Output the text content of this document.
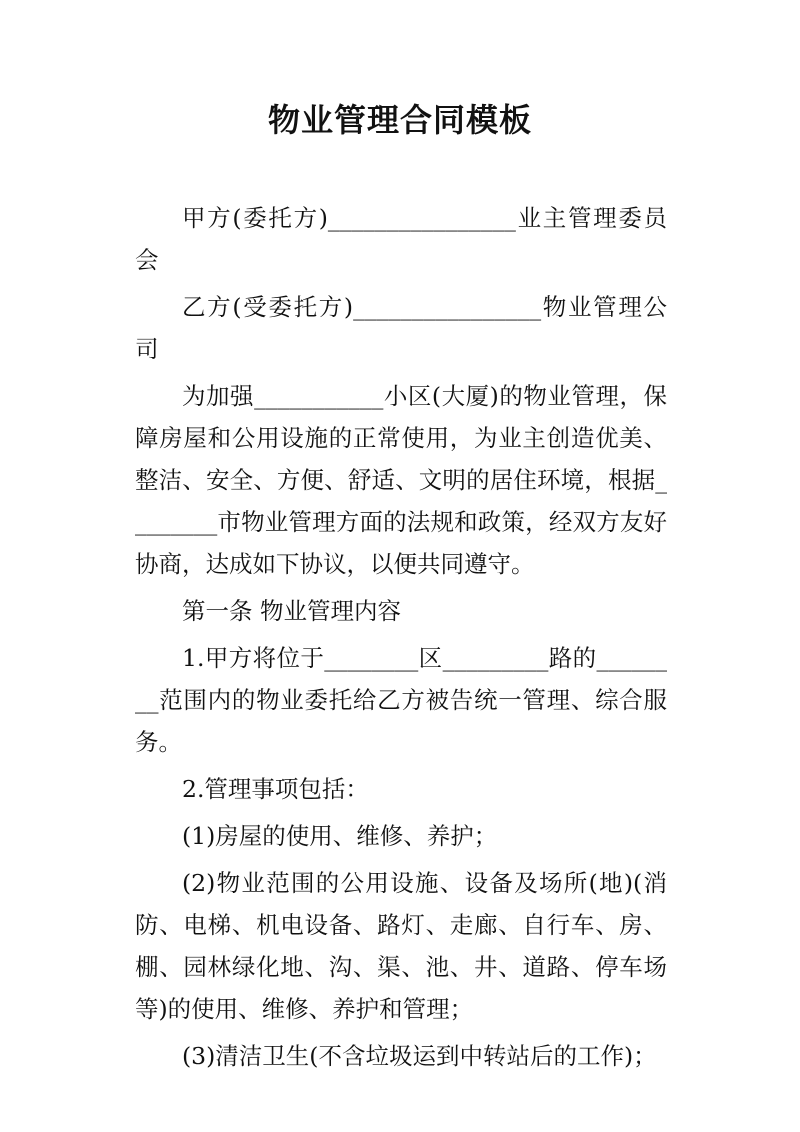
物业管理合同模板

甲方(委托方)________________业主管理委员会

乙方(受委托方)________________物业管理公司

为加强___________小区(大厦)的物业管理，保障房屋和公用设施的正常使用，为业主创造优美、整洁、安全、方便、舒适、文明的居住环境，根据________市物业管理方面的法规和政策，经双方友好协商，达成如下协议，以便共同遵守。

第一条 物业管理内容

1.甲方将位于________区_________路的________范围内的物业委托给乙方被告统一管理、综合服务。

2.管理事项包括：

(1)房屋的使用、维修、养护；

(2)物业范围的公用设施、设备及场所(地)(消防、电梯、机电设备、路灯、走廊、自行车、房、棚、园林绿化地、沟、渠、池、井、道路、停车场等)的使用、维修、养护和管理；

(3)清洁卫生(不含垃圾运到中转站后的工作)；
